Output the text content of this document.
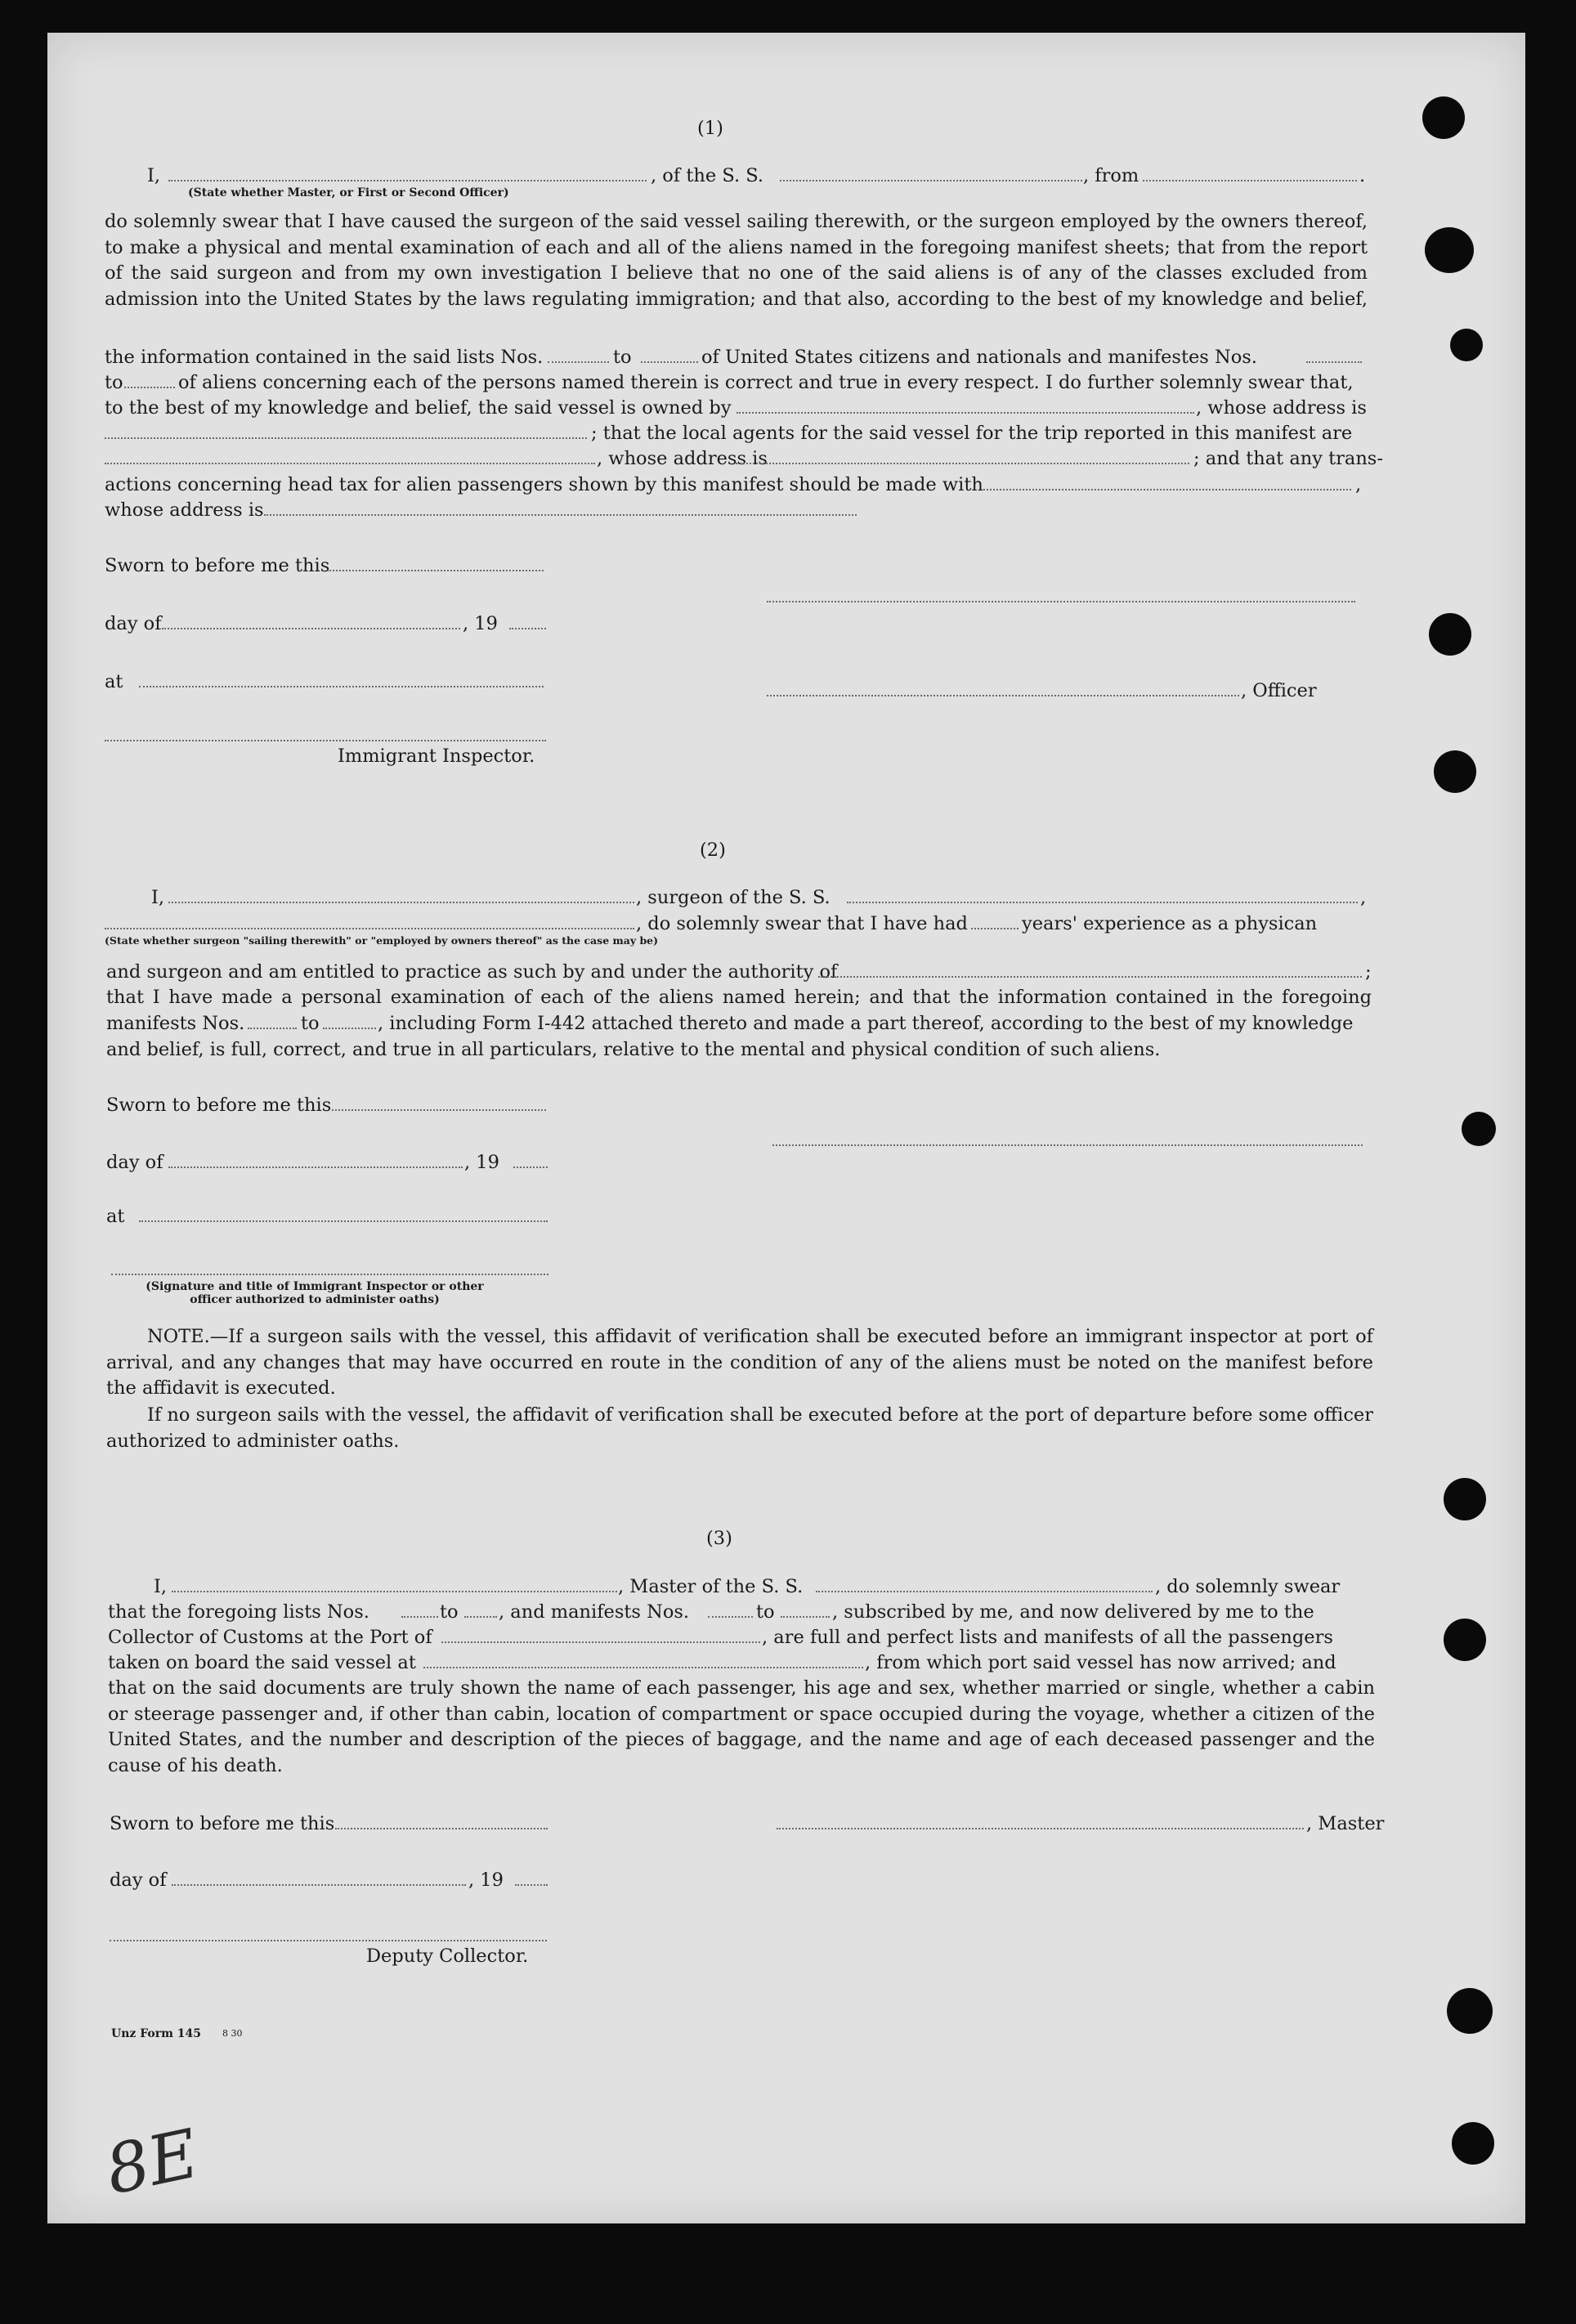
(1)
I,	, of the S. S.	, from	.
(State whether Master, or First or Second Officer)

do solemnly swear that I have caused the surgeon of the said vessel sailing therewith, or the surgeon employed by the owners thereof,

to make a physical and mental examination of each and all of the aliens named in the foregoing manifest sheets; that from the report

of the said surgeon and from my own investigation I believe that no one of the said aliens is of any of the classes excluded from

admission into the United States by the laws regulating immigration; and that also, according to the best of my knowledge and belief,

the information contained in the said lists Nos.	to	of United States citizens and nationals and manifestes Nos.
to	of aliens concerning each of the persons named therein is correct and true in every respect. I do further solemnly swear that,
to the best of my knowledge and belief, the said vessel is owned by	, whose address is
; that the local agents for the said vessel for the trip reported in this manifest are
, whose address is	; and that any trans-
actions concerning head tax for alien passengers shown by this manifest should be made with	,
whose address is
Sworn to before me this
day of	, 19
at	, Officer
Immigrant Inspector.
(2)
I,	, surgeon of the S. S.	,
, do solemnly swear that I have had	years' experience as a physican
(State whether surgeon "sailing therewith" or "employed by owners thereof" as the case may be)
and surgeon and am entitled to practice as such by and under the authority of	;

that I have made a personal examination of each of the aliens named herein; and that the information contained in the foregoing

manifests Nos.	to	, including Form I-442 attached thereto and made a part thereof, according to the best of my knowledge
and belief, is full, correct, and true in all particulars, relative to the mental and physical condition of such aliens.
Sworn to before me this
day of	, 19
at
(Signature and title of Immigrant Inspector or other
officer authorized to administer oaths)
NOTE.—If a surgeon sails with the vessel, this affidavit of verification shall be executed before an immigrant inspector at port of arrival, and any changes that may have occurred en route in the condition of any of the aliens must be noted on the manifest before the affidavit is executed.
If no surgeon sails with the vessel, the affidavit of verification shall be executed before at the port of departure before some officer authorized to administer oaths.
(3)
I,	, Master of the S. S.	, do solemnly swear
that the foregoing lists Nos.	to , and manifests Nos.	to	, subscribed by me, and now delivered by me to the
Collector of Customs at the Port of	, are full and perfect lists and manifests of all the passengers
taken on board the said vessel at	, from which port said vessel has now arrived; and
that on the said documents are truly shown the name of each passenger, his age and sex, whether married or single, whether a cabin or steerage passenger and, if other than cabin, location of compartment or space occupied during the voyage, whether a citizen of the United States, and the number and description of the pieces of baggage, and the name and age of each deceased passenger and the cause of his death.
Sworn to before me this	, Master
day of	, 19
Deputy Collector.
Unz Form 145 8 30
8E
